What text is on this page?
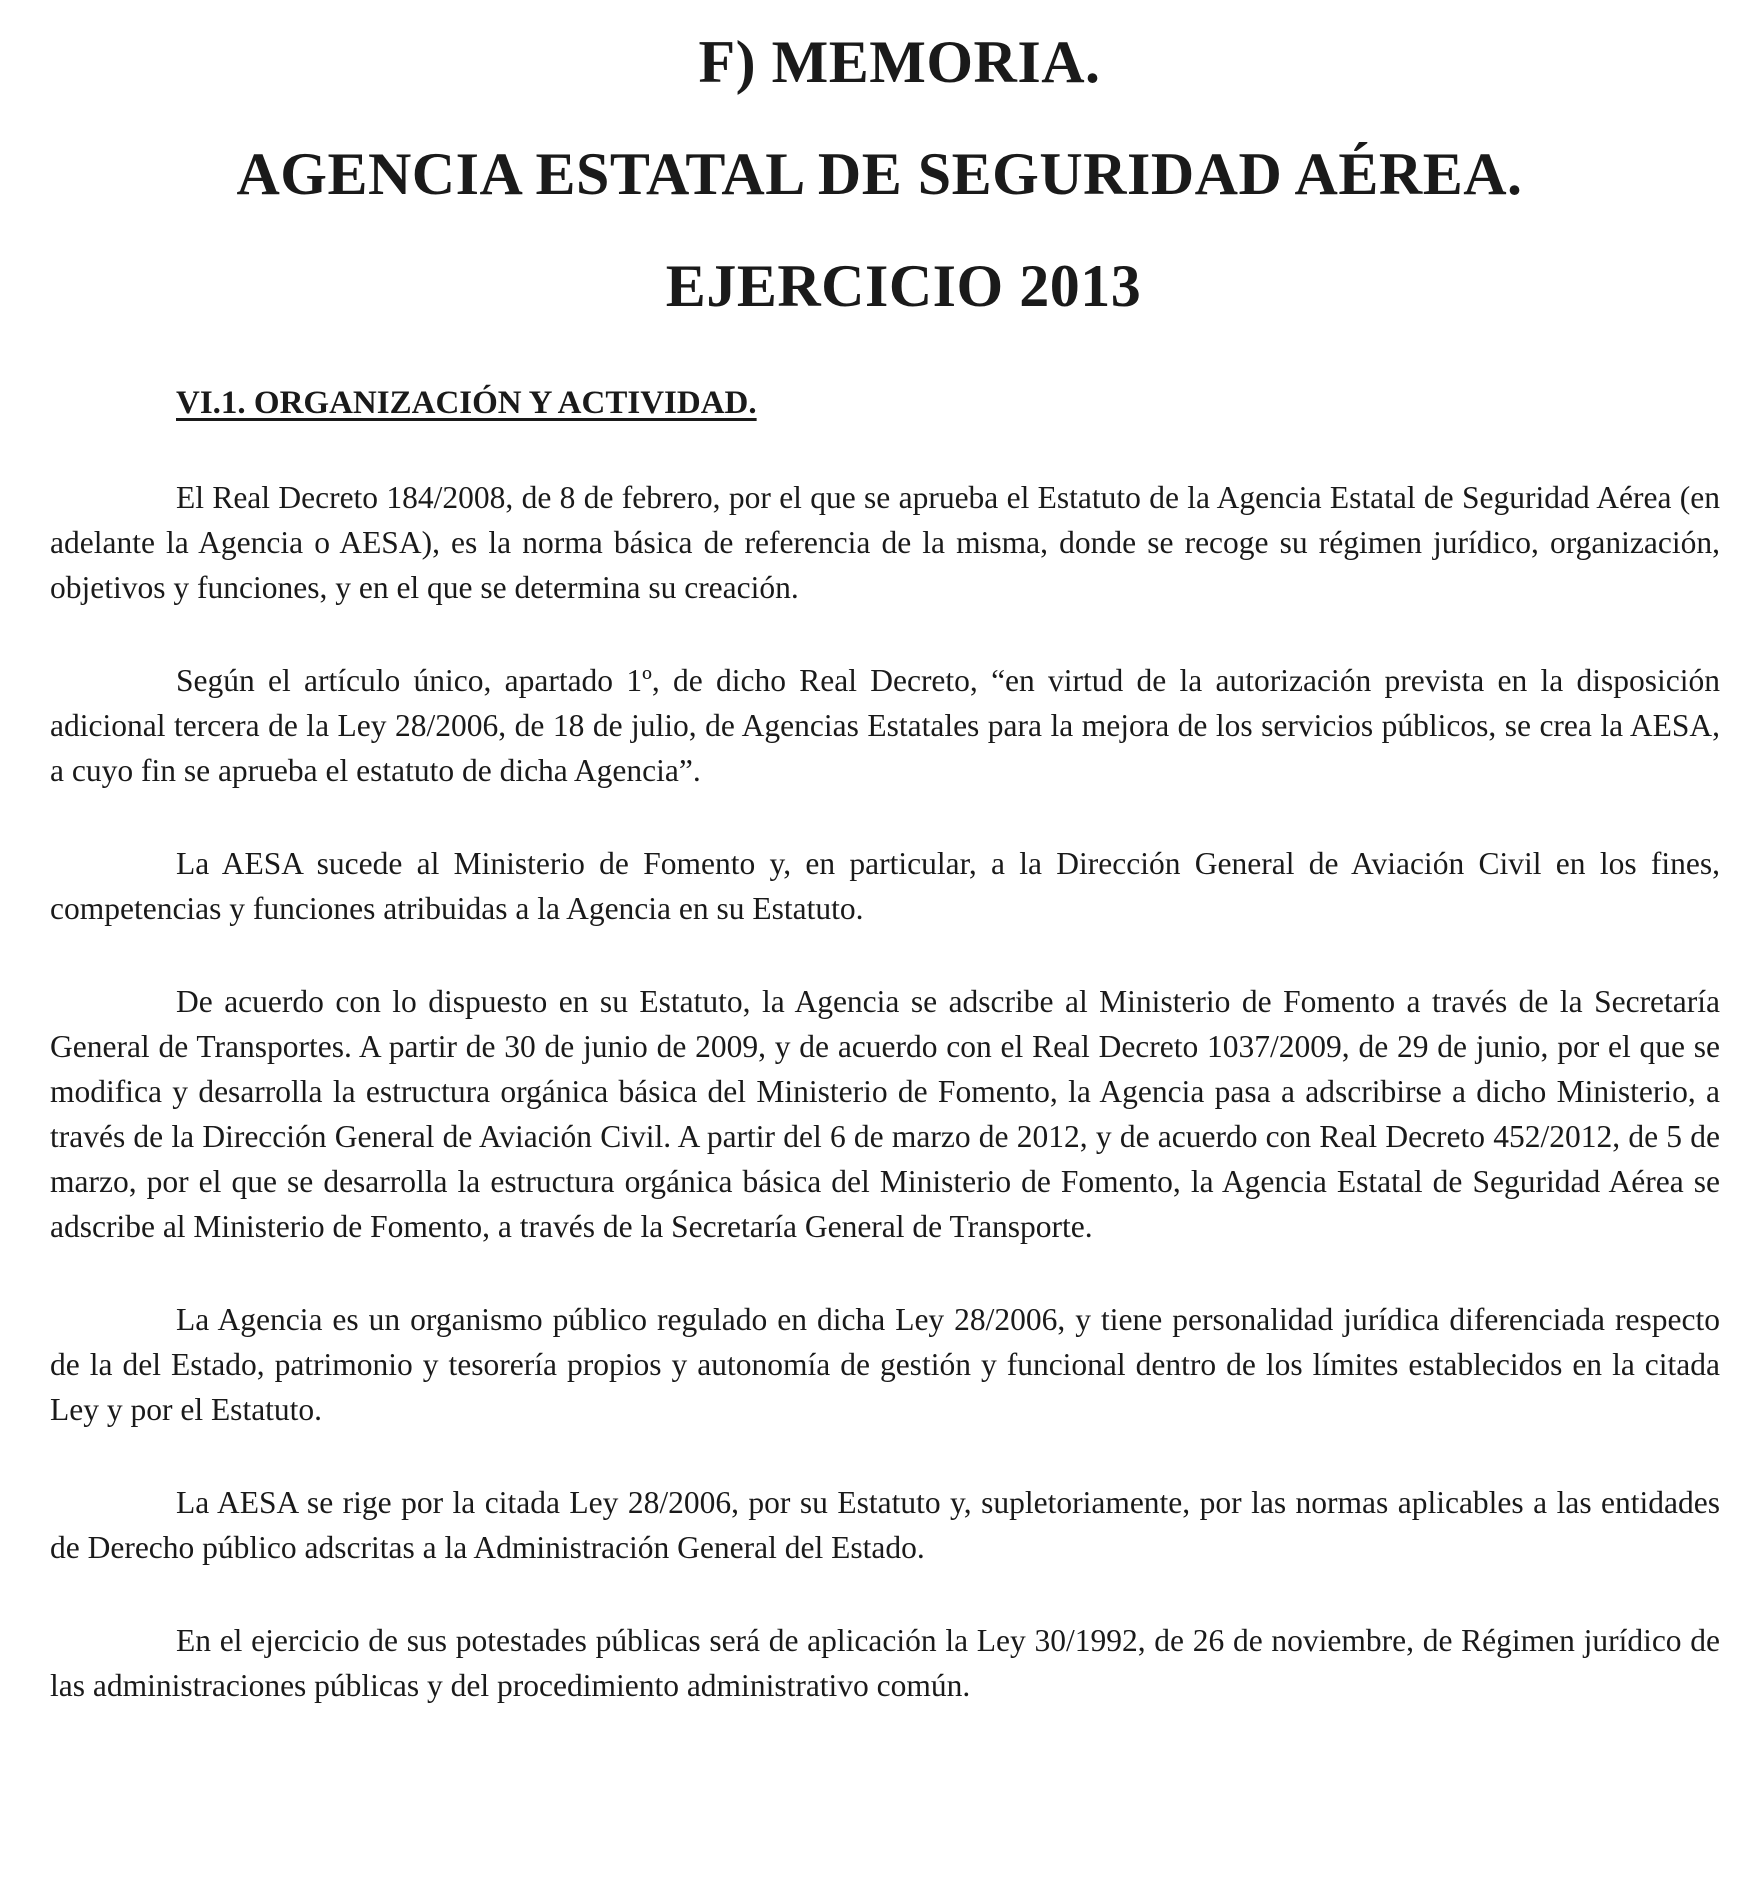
F) MEMORIA.
AGENCIA ESTATAL DE SEGURIDAD AÉREA.
EJERCICIO 2013
VI.1. ORGANIZACIÓN Y ACTIVIDAD.

El Real Decreto 184/2008, de 8 de febrero, por el que se aprueba el Estatuto de la Agencia Estatal de Seguridad Aérea (en adelante la Agencia o AESA), es la norma básica de referencia de la misma, donde se recoge su régimen jurídico, organización, objetivos y funciones, y en el que se determina su creación.

Según el artículo único, apartado 1º, de dicho Real Decreto, “en virtud de la autorización prevista en la disposición adicional tercera de la Ley 28/2006, de 18 de julio, de Agencias Estatales para la mejora de los servicios públicos, se crea la AESA, a cuyo fin se aprueba el estatuto de dicha Agencia”.

La AESA sucede al Ministerio de Fomento y, en particular, a la Dirección General de Aviación Civil en los fines, competencias y funciones atribuidas a la Agencia en su Estatuto.

De acuerdo con lo dispuesto en su Estatuto, la Agencia se adscribe al Ministerio de Fomento a través de la Secretaría General de Transportes. A partir de 30 de junio de 2009, y de acuerdo con el Real Decreto 1037/2009, de 29 de junio, por el que se modifica y desarrolla la estructura orgánica básica del Ministerio de Fomento, la Agencia pasa a adscribirse a dicho Ministerio, a través de la Dirección General de Aviación Civil. A partir del 6 de marzo de 2012, y de acuerdo con Real Decreto 452/2012, de 5 de marzo, por el que se desarrolla la estructura orgánica básica del Ministerio de Fomento, la Agencia Estatal de Seguridad Aérea se adscribe al Ministerio de Fomento, a través de la Secretaría General de Transporte.

La Agencia es un organismo público regulado en dicha Ley 28/2006, y tiene personalidad jurídica diferenciada respecto de la del Estado, patrimonio y tesorería propios y autonomía de gestión y funcional dentro de los límites establecidos en la citada Ley y por el Estatuto.

La AESA se rige por la citada Ley 28/2006, por su Estatuto y, supletoriamente, por las normas aplicables a las entidades de Derecho público adscritas a la Administración General del Estado.

En el ejercicio de sus potestades públicas será de aplicación la Ley 30/1992, de 26 de noviembre, de Régimen jurídico de las administraciones públicas y del procedimiento administrativo común.
